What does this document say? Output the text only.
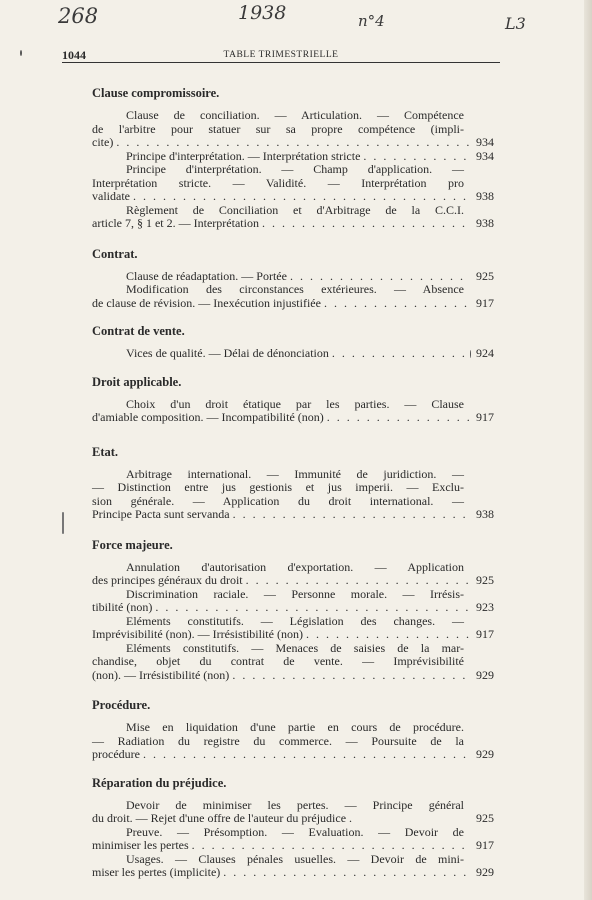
268	1938	n°4	L3
1044	TABLE TRIMESTRIELLE
Clause compromissoire.
Clause de conciliation. — Articulation. — Compétence
de l'arbitre pour statuer sur sa propre compétence (impli-
cite) . . .	934
Principe d'interprétation. — Interprétation stricte . . .	934
Principe d'interprétation. — Champ d'application. —
Interprétation stricte. — Validité. — Interprétation pro
validate . . .	938
Règlement de Conciliation et d'Arbitrage de la C.C.I.
article 7, § 1 et 2. — Interprétation . . .	938
Contrat.
Clause de réadaptation. — Portée . . .	925
Modification des circonstances extérieures. — Absence
de clause de révision. — Inexécution injustifiée . . .	917
Contrat de vente.
Vices de qualité. — Délai de dénonciation . . .	924
Droit applicable.
Choix d'un droit étatique par les parties. — Clause
d'amiable composition. — Incompatibilité (non) . . .	917
Etat.
Arbitrage international. — Immunité de juridiction. —
— Distinction entre jus gestionis et jus imperii. — Exclu-
sion générale. — Application du droit international. —
Principe Pacta sunt servanda . . .	938
Force majeure.
Annulation d'autorisation d'exportation. — Application
des principes généraux du droit . . .	925
Discrimination raciale. — Personne morale. — Irrésis-
tibilité (non) . . .	923
Eléments constitutifs. — Législation des changes. —
Imprévisibilité (non). — Irrésistibilité (non) . . .	917
Eléments constitutifs. — Menaces de saisies de la mar-
chandise, objet du contrat de vente. — Imprévisibilité
(non). — Irrésistibilité (non) . . .	929
Procédure.
Mise en liquidation d'une partie en cours de procédure.
— Radiation du registre du commerce. — Poursuite de la
procédure . . .	929
Réparation du préjudice.
Devoir de minimiser les pertes. — Principe général
du droit. — Rejet d'une offre de l'auteur du préjudice .	925
Preuve. — Présomption. — Evaluation. — Devoir de
minimiser les pertes . . .	917
Usages. — Clauses pénales usuelles. — Devoir de mini-
miser les pertes (implicite) . . .	929
